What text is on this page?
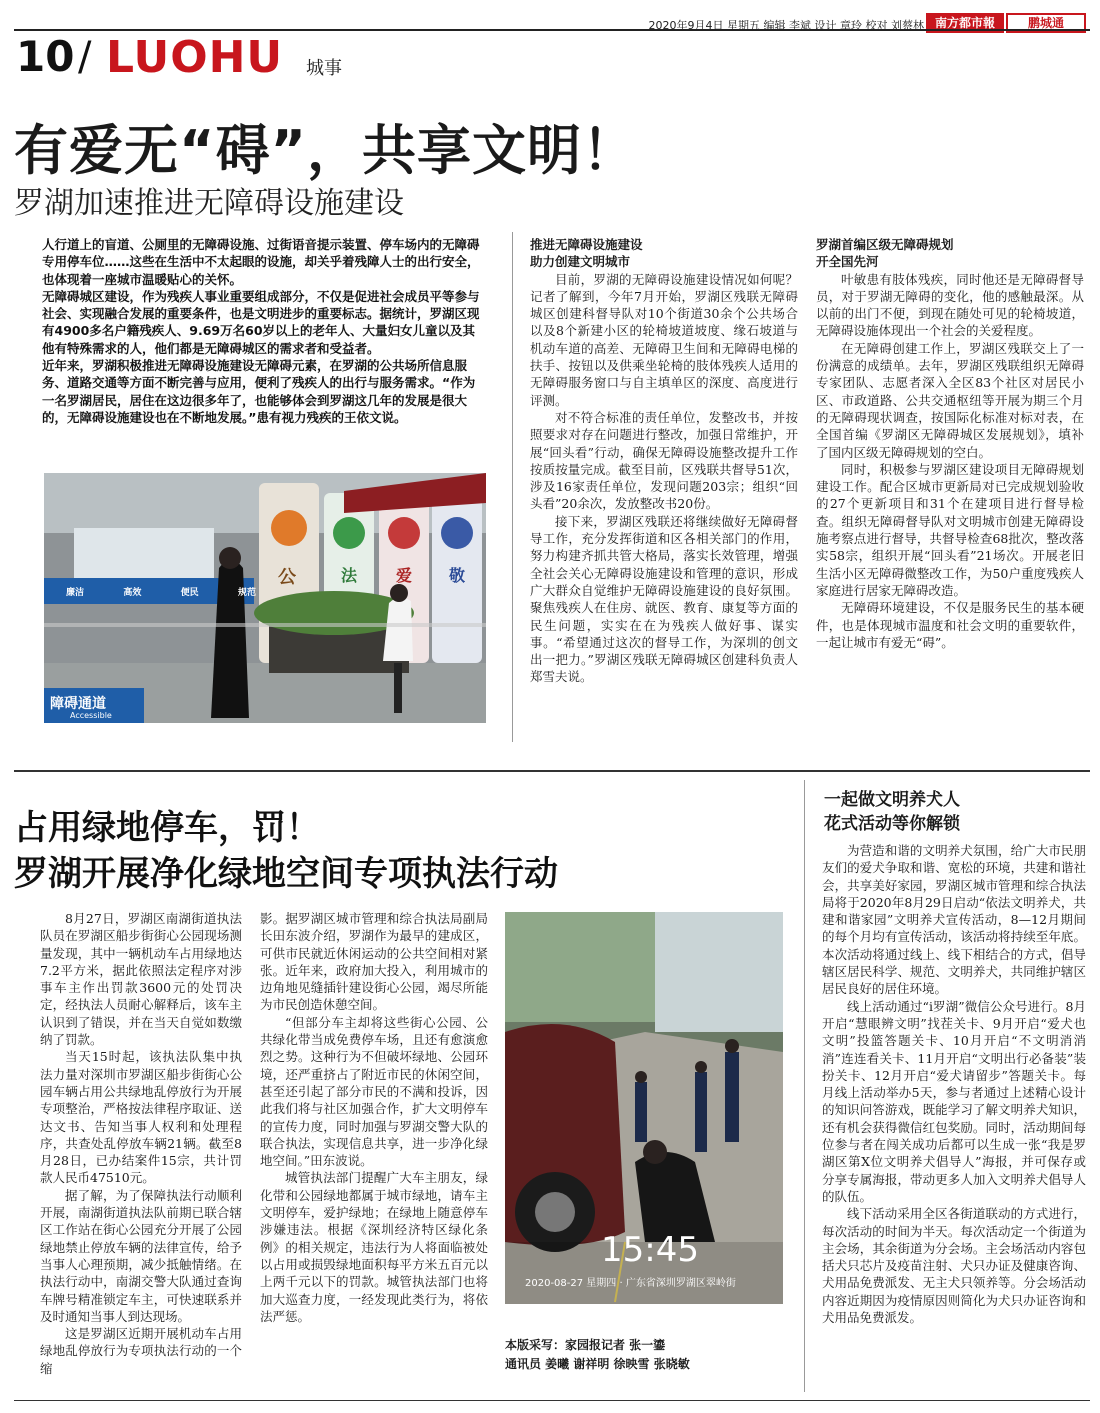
2020年9月4日 星期五 编辑 李斌 设计 章玲 校对 刘蔡林 南方都市報	鹏城通
10 / LUOHU 城事
有爱无“碍”，共享文明！
罗湖加速推进无障碍设施建设

人行道上的盲道、公厕里的无障碍设施、过街语音提示装置、停车场内的无障碍专用停车位……这些在生活中不太起眼的设施，却关乎着残障人士的出行安全，也体现着一座城市温暖贴心的关怀。

无障碍城区建设，作为残疾人事业重要组成部分，不仅是促进社会成员平等参与社会、实现融合发展的重要条件，也是文明进步的重要标志。据统计，罗湖区现有4900多名户籍残疾人、9.69万名60岁以上的老年人、大量妇女儿童以及其他有特殊需求的人，他们都是无障碍城区的需求者和受益者。

近年来，罗湖积极推进无障碍设施建设无障碍元素，在罗湖的公共场所信息服务、道路交通等方面不断完善与应用，便利了残疾人的出行与服务需求。“作为一名罗湖居民，居住在这边很多年了，也能够体会到罗湖这几年的发展是很大的，无障碍设施建设也在不断地发展。”患有视力残疾的王依文说。

廉洁	高效	便民	规范
公	法 爱 敬
障碍通道
Accessible
推进无障碍设施建设
助力创建文明城市

目前，罗湖的无障碍设施建设情况如何呢？记者了解到，今年7月开始，罗湖区残联无障碍城区创建科督导队对10个街道30余个公共场合以及8个新建小区的轮椅坡道坡度、缘石坡道与机动车道的高差、无障碍卫生间和无障碍电梯的扶手、按钮以及供乘坐轮椅的肢体残疾人适用的无障碍服务窗口与自主填单区的深度、高度进行评测。

对不符合标准的责任单位，发整改书，并按照要求对存在问题进行整改，加强日常维护，开展“回头看”行动，确保无障碍设施整改提升工作按质按量完成。截至目前，区残联共督导51次，涉及16家责任单位，发现问题203宗；组织“回头看”20余次，发放整改书20份。

接下来，罗湖区残联还将继续做好无障碍督导工作，充分发挥街道和区各相关部门的作用，努力构建齐抓共管大格局，落实长效管理，增强全社会关心无障碍设施建设和管理的意识，形成广大群众自觉维护无障碍设施建设的良好氛围。聚焦残疾人在住房、就医、教育、康复等方面的民生问题，实实在在为残疾人做好事、谋实事。“希望通过这次的督导工作，为深圳的创文出一把力。”罗湖区残联无障碍城区创建科负责人郑雪夫说。

罗湖首编区级无障碍规划
开全国先河

叶敏患有肢体残疾，同时他还是无障碍督导员，对于罗湖无障碍的变化，他的感触最深。从以前的出门不便，到现在随处可见的轮椅坡道，无障碍设施体现出一个社会的关爱程度。

在无障碍创建工作上，罗湖区残联交上了一份满意的成绩单。去年，罗湖区残联组织无障碍专家团队、志愿者深入全区83个社区对居民小区、市政道路、公共交通枢纽等开展为期三个月的无障碍现状调查，按国际化标准对标对表，在全国首编《罗湖区无障碍城区发展规划》，填补了国内区级无障碍规划的空白。

同时，积极参与罗湖区建设项目无障碍规划建设工作。配合区城市更新局对已完成规划验收的27个更新项目和31个在建项目进行督导检查。组织无障碍督导队对文明城市创建无障碍设施考察点进行督导，共督导检查68批次，整改落实58宗，组织开展“回头看”21场次。开展老旧生活小区无障碍微整改工作，为50户重度残疾人家庭进行居家无障碍改造。

无障碍环境建设，不仅是服务民生的基本硬件，也是体现城市温度和社会文明的重要软件，一起让城市有爱无“碍”。

占用绿地停车，罚！
罗湖开展净化绿地空间专项执法行动

8月27日，罗湖区南湖街道执法队员在罗湖区船步街街心公园现场测量发现，其中一辆机动车占用绿地达7.2平方米，据此依照法定程序对涉事车主作出罚款3600元的处罚决定，经执法人员耐心解释后，该车主认识到了错误，并在当天自觉如数缴纳了罚款。

当天15时起，该执法队集中执法力量对深圳市罗湖区船步街街心公园车辆占用公共绿地乱停放行为开展专项整治，严格按法律程序取证、送达文书、告知当事人权利和处理程序，共查处乱停放车辆21辆。截至8月28日，已办结案件15宗，共计罚款人民币47510元。

据了解，为了保障执法行动顺利开展，南湖街道执法队前期已联合辖区工作站在街心公园充分开展了公园绿地禁止停放车辆的法律宣传，给予当事人心理预期，减少抵触情绪。在执法行动中，南湖交警大队通过查询车牌号精准锁定车主，可快速联系并及时通知当事人到达现场。

这是罗湖区近期开展机动车占用绿地乱停放行为专项执法行动的一个缩

影。据罗湖区城市管理和综合执法局副局长田东波介绍，罗湖作为最早的建成区，可供市民就近休闲运动的公共空间相对紧张。近年来，政府加大投入，利用城市的边角地见缝插针建设街心公园，竭尽所能为市民创造休憩空间。

“但部分车主却将这些街心公园、公共绿化带当成免费停车场，且还有愈演愈烈之势。这种行为不但破坏绿地、公园环境，还严重挤占了附近市民的休闲空间，甚至还引起了部分市民的不满和投诉，因此我们将与社区加强合作，扩大文明停车的宣传力度，同时加强与罗湖交警大队的联合执法，实现信息共享，进一步净化绿地空间。”田东波说。

城管执法部门提醒广大车主朋友，绿化带和公园绿地都属于城市绿地，请车主文明停车，爱护绿地；在绿地上随意停车涉嫌违法。根据《深圳经济特区绿化条例》的相关规定，违法行为人将面临被处以占用或损毁绿地面积每平方米五百元以上两千元以下的罚款。城管执法部门也将加大巡查力度，一经发现此类行为，将依法严惩。

15:45
2020-08-27 星期四 · 广东省深圳罗湖区翠岭街
本版采写：家园报记者 张一鎏
通讯员 姜曦 谢祥明 徐映雪 张晓敏
一起做文明养犬人
花式活动等你解锁

为营造和谐的文明养犬氛围，给广大市民朋友们的爱犬争取和谐、宽松的环境，共建和谐社会，共享美好家园，罗湖区城市管理和综合执法局将于2020年8月29日启动“依法文明养犬，共建和谐家园”文明养犬宣传活动，8—12月期间的每个月均有宣传活动，该活动将持续至年底。本次活动将通过线上、线下相结合的方式，倡导辖区居民科学、规范、文明养犬，共同维护辖区居民良好的居住环境。

线上活动通过“i罗湖”微信公众号进行。8月开启“慧眼辨文明”找茬关卡、9月开启“爱犬也文明”投篮答题关卡、10月开启“不文明消消消”连连看关卡、11月开启“文明出行必备装”装扮关卡、12月开启“爱犬请留步”答题关卡。每月线上活动举办5天，参与者通过上述精心设计的知识问答游戏，既能学习了解文明养犬知识，还有机会获得微信红包奖励。同时，活动期间每位参与者在闯关成功后都可以生成一张“我是罗湖区第X位文明养犬倡导人”海报，并可保存或分享专属海报，带动更多人加入文明养犬倡导人的队伍。

线下活动采用全区各街道联动的方式进行，每次活动的时间为半天。每次活动定一个街道为主会场，其余街道为分会场。主会场活动内容包括犬只芯片及疫苗注射、犬只办证及健康咨询、犬用品免费派发、无主犬只领养等。分会场活动内容近期因为疫情原因则简化为犬只办证咨询和犬用品免费派发。
